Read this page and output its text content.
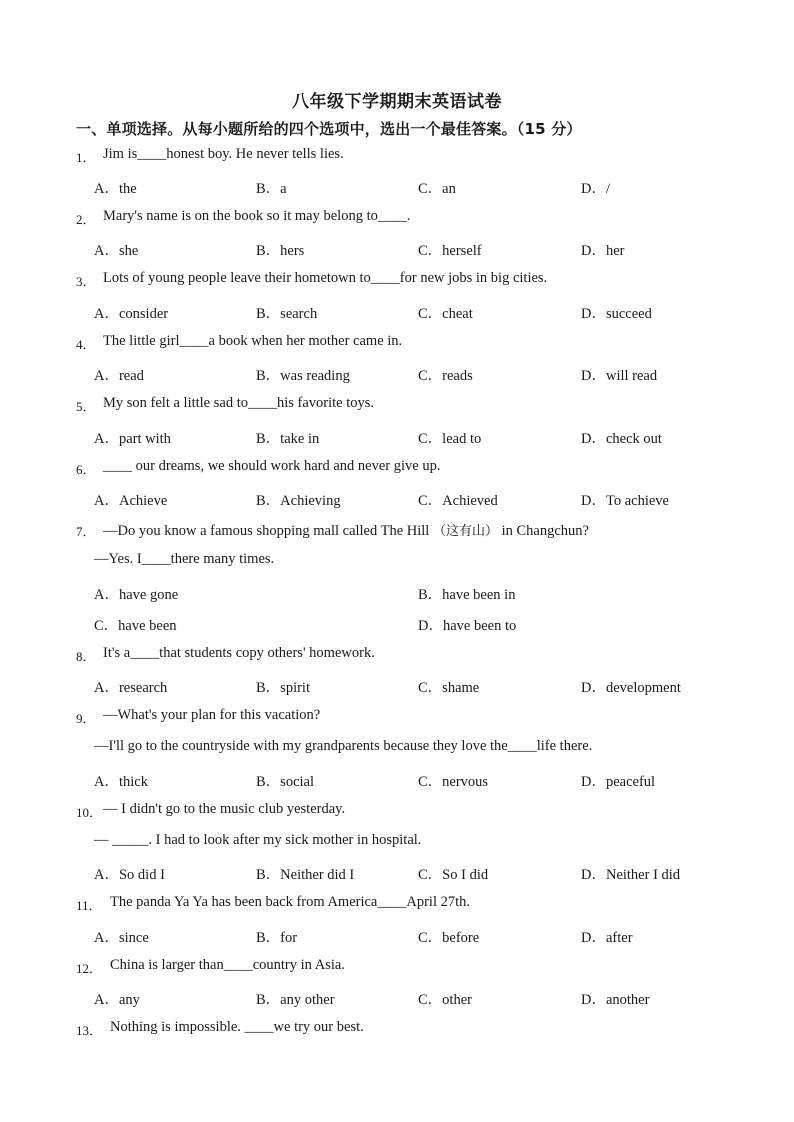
八年级下学期期末英语试卷
一、单项选择。从每小题所给的四个选项中，选出一个最佳答案。（15 分）
1． Jim is____honest boy. He never tells lies.
A．the	B．a	C．an	D．/
2． Mary's name is on the book so it may belong to____.
A．she	B．hers	C．herself	D．her
3． Lots of young people leave their hometown to____for new jobs in big cities.
A．consider	B．search	C．cheat	D．succeed
4． The little girl____a book when her mother came in.
A．read	B．was reading	C．reads	D．will read
5． My son felt a little sad to____his favorite toys.
A．part with	B．take in	C．lead to	D．check out
6． ____ our dreams, we should work hard and never give up.
A．Achieve	B．Achieving	C．Achieved	D．To achieve
7． —Do you know a famous shopping mall called The Hill （这有山） in Changchun?
—Yes. I____there many times.
A．have gone	B．have been in
C．have been	D．have been to
8． It's a____that students copy others' homework.
A．research	B．spirit	C．shame	D．development
9． —What's your plan for this vacation?
—I'll go to the countryside with my grandparents because they love the____life there.
A．thick	B．social	C．nervous	D．peaceful
10． — I didn't go to the music club yesterday.
— _____. I had to look after my sick mother in hospital.
A．So did I	B．Neither did I	C．So I did	D．Neither I did
11． The panda Ya Ya has been back from America____April 27th.
A．since	B．for	C．before	D．after
12． China is larger than____country in Asia.
A．any	B．any other	C．other	D．another
13． Nothing is impossible. ____we try our best.
